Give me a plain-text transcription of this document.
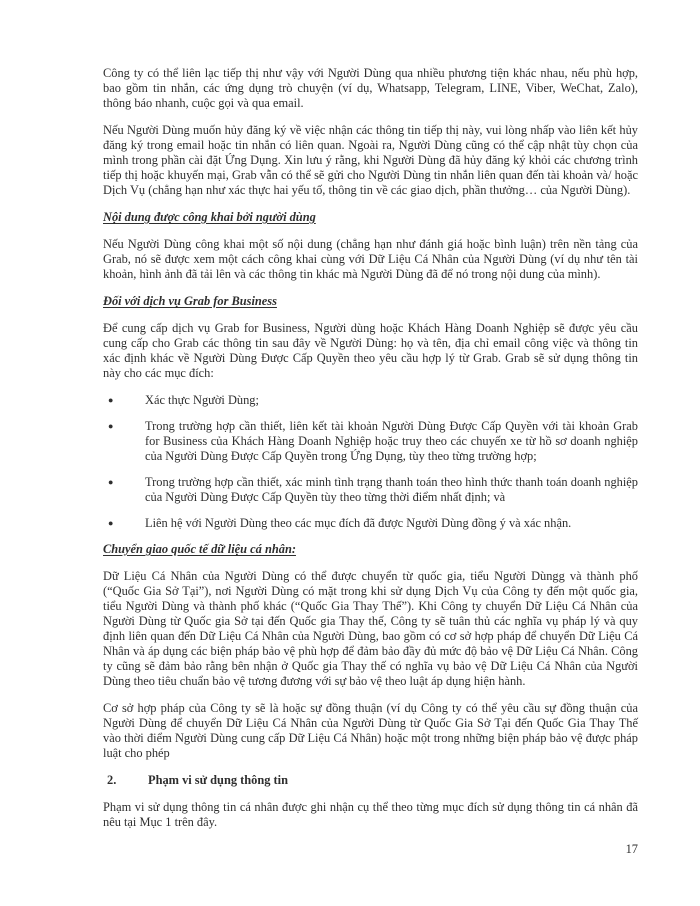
Công ty có thể liên lạc tiếp thị như vậy với Người Dùng qua nhiều phương tiện khác nhau, nếu phù hợp, bao gồm tin nhắn, các ứng dụng trò chuyện (ví dụ, Whatsapp, Telegram, LINE, Viber, WeChat, Zalo), thông báo nhanh, cuộc gọi và qua email.

Nếu Người Dùng muốn hủy đăng ký về việc nhận các thông tin tiếp thị này, vui lòng nhấp vào liên kết hủy đăng ký trong email hoặc tin nhắn có liên quan. Ngoài ra, Người Dùng cũng có thể cập nhật tùy chọn của mình trong phần cài đặt Ứng Dụng. Xin lưu ý rằng, khi Người Dùng đã hủy đăng ký khỏi các chương trình tiếp thị hoặc khuyến mại, Grab vẫn có thể sẽ gửi cho Người Dùng tin nhắn liên quan đến tài khoản và/ hoặc Dịch Vụ (chẳng hạn như xác thực hai yếu tố, thông tin về các giao dịch, phần thưởng… của Người Dùng).

Nội dung được công khai bởi người dùng

Nếu Người Dùng công khai một số nội dung (chẳng hạn như đánh giá hoặc bình luận) trên nền tảng của Grab, nó sẽ được xem một cách công khai cùng với Dữ Liệu Cá Nhân của Người Dùng (ví dụ như tên tài khoản, hình ảnh đã tải lên và các thông tin khác mà Người Dùng đã để nó trong nội dung của mình).

Đối với dịch vụ Grab for Business

Để cung cấp dịch vụ Grab for Business, Người dùng hoặc Khách Hàng Doanh Nghiệp sẽ được yêu cầu cung cấp cho Grab các thông tin sau đây về Người Dùng: họ và tên, địa chỉ email công việc và thông tin xác định khác về Người Dùng Được Cấp Quyền theo yêu cầu hợp lý từ Grab. Grab sẽ sử dụng thông tin này cho các mục đích:

●	Xác thực Người Dùng;
●	Trong trường hợp cần thiết, liên kết tài khoản Người Dùng Được Cấp Quyền với tài khoản Grab for Business của Khách Hàng Doanh Nghiệp hoặc truy theo các chuyến xe từ hồ sơ doanh nghiệp của Người Dùng Được Cấp Quyền trong Ứng Dụng, tùy theo từng trường hợp;
●	Trong trường hợp cần thiết, xác minh tình trạng thanh toán theo hình thức thanh toán doanh nghiệp của Người Dùng Được Cấp Quyền tùy theo từng thời điểm nhất định; và
●	Liên hệ với Người Dùng theo các mục đích đã được Người Dùng đồng ý và xác nhận.
Chuyển giao quốc tế dữ liệu cá nhân:

Dữ Liệu Cá Nhân của Người Dùng có thể được chuyển từ quốc gia, tiểu Người Dùngg và thành phố (“Quốc Gia Sở Tại”), nơi Người Dùng có mặt trong khi sử dụng Dịch Vụ của Công ty đến một quốc gia, tiểu Người Dùng và thành phố khác (“Quốc Gia Thay Thế”). Khi Công ty chuyển Dữ Liệu Cá Nhân của Người Dùng từ Quốc gia Sở tại đến Quốc gia Thay thế, Công ty sẽ tuân thủ các nghĩa vụ pháp lý và quy định liên quan đến Dữ Liệu Cá Nhân của Người Dùng, bao gồm có cơ sở hợp pháp để chuyển Dữ Liệu Cá Nhân và áp dụng các biện pháp bảo vệ phù hợp để đảm bảo đầy đủ mức độ bảo vệ Dữ Liệu Cá Nhân. Công ty cũng sẽ đảm bảo rằng bên nhận ở Quốc gia Thay thế có nghĩa vụ bảo vệ Dữ Liệu Cá Nhân của Người Dùng theo tiêu chuẩn bảo vệ tương đương với sự bảo vệ theo luật áp dụng hiện hành.

Cơ sở hợp pháp của Công ty sẽ là hoặc sự đồng thuận (ví dụ Công ty có thể yêu cầu sự đồng thuận của Người Dùng để chuyển Dữ Liệu Cá Nhân của Người Dùng từ Quốc Gia Sở Tại đến Quốc Gia Thay Thế vào thời điểm Người Dùng cung cấp Dữ Liệu Cá Nhân) hoặc một trong những biện pháp bảo vệ được pháp luật cho phép

2.	Phạm vi sử dụng thông tin

Phạm vi sử dụng thông tin cá nhân được ghi nhận cụ thể theo từng mục đích sử dụng thông tin cá nhân đã nêu tại Mục 1 trên đây.

17
